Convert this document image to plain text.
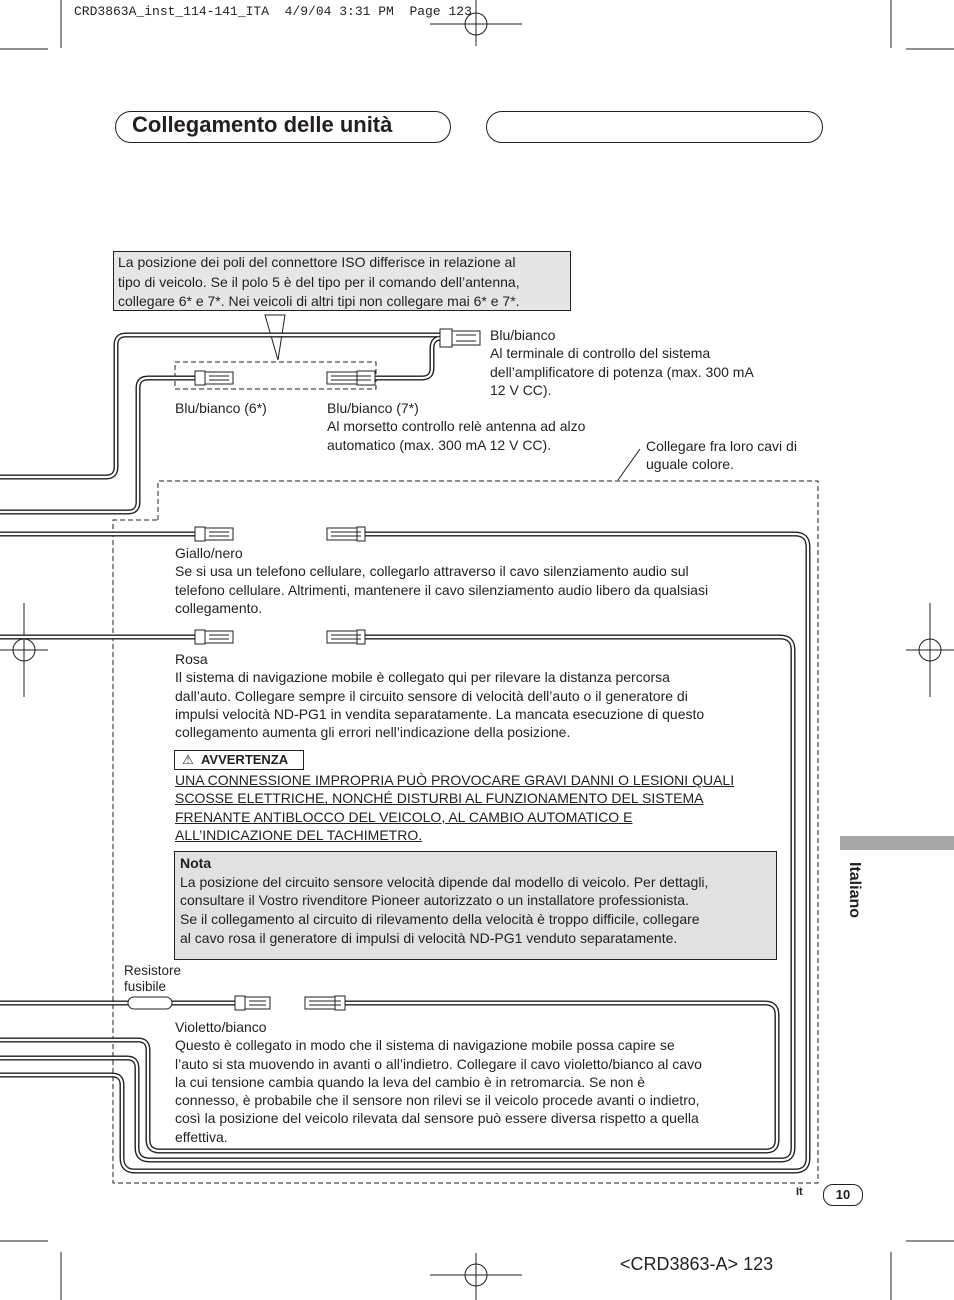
CRD3863A_inst_114-141_ITA  4/9/04 3:31 PM  Page 123
Collegamento delle unità
La posizione dei poli del connettore ISO differisce in relazione al
tipo di veicolo. Se il polo 5 è del tipo per il comando dell’antenna,
collegare 6* e 7*. Nei veicoli di altri tipi non collegare mai 6* e 7*.
Blu/bianco
Al terminale di controllo del sistema
dell’amplificatore di potenza (max. 300 mA
12 V CC).
Blu/bianco (6*)	Blu/bianco (7*)
Al morsetto controllo relè antenna ad alzo
automatico (max. 300 mA 12 V CC).	Collegare fra loro cavi di
uguale colore.
Giallo/nero
Se si usa un telefono cellulare, collegarlo attraverso il cavo silenziamento audio sul
telefono cellulare. Altrimenti, mantenere il cavo silenziamento audio libero da qualsiasi
collegamento.
Rosa
Il sistema di navigazione mobile è collegato qui per rilevare la distanza percorsa
dall’auto. Collegare sempre il circuito sensore di velocità dell’auto o il generatore di
impulsi velocità ND-PG1 in vendita separatamente. La mancata esecuzione di questo
collegamento aumenta gli errori nell’indicazione della posizione.
⚠ AVVERTENZA
UNA CONNESSIONE IMPROPRIA PUÒ PROVOCARE GRAVI DANNI O LESIONI QUALI
SCOSSE ELETTRICHE, NONCHÉ DISTURBI AL FUNZIONAMENTO DEL SISTEMA
FRENANTE ANTIBLOCCO DEL VEICOLO, AL CAMBIO AUTOMATICO E
ALL’INDICAZIONE DEL TACHIMETRO.
Nota
La posizione del circuito sensore velocità dipende dal modello di veicolo. Per dettagli,
consultare il Vostro rivenditore Pioneer autorizzato o un installatore professionista.
Se il collegamento al circuito di rilevamento della velocità è troppo difficile, collegare
al cavo rosa il generatore di impulsi di velocità ND-PG1 venduto separatamente.
Resistore
fusibile
Violetto/bianco
Questo è collegato in modo che il sistema di navigazione mobile possa capire se
l’auto si sta muovendo in avanti o all’indietro. Collegare il cavo violetto/bianco al cavo
la cui tensione cambia quando la leva del cambio è in retromarcia. Se non è
connesso, è probabile che il sensore non rilevi se il veicolo procede avanti o indietro,
così la posizione del veicolo rilevata dal sensore può essere diversa rispetto a quella
effettiva.
Italiano
It	10
<CRD3863-A> 123
